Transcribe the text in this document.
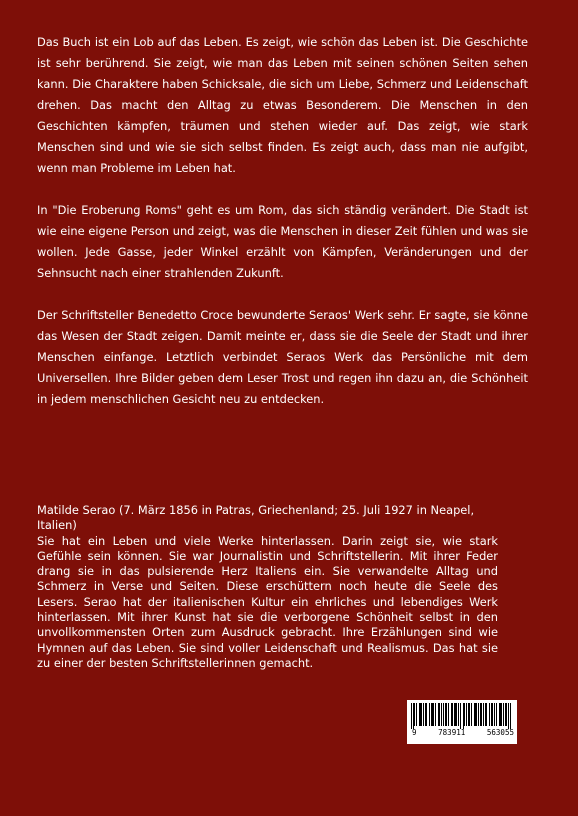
Das Buch ist ein Lob auf das Leben. Es zeigt, wie schön das Leben ist. Die Geschichte ist sehr berührend. Sie zeigt, wie man das Leben mit seinen schönen Seiten sehen kann. Die Charaktere haben Schicksale, die sich um Liebe, Schmerz und Leidenschaft drehen. Das macht den Alltag zu etwas Besonderem. Die Menschen in den Geschichten kämpfen, träumen und stehen wieder auf. Das zeigt, wie stark Menschen sind und wie sie sich selbst finden. Es zeigt auch, dass man nie aufgibt, wenn man Probleme im Leben hat.

In "Die Eroberung Roms" geht es um Rom, das sich ständig verändert. Die Stadt ist wie eine eigene Person und zeigt, was die Menschen in dieser Zeit fühlen und was sie wollen. Jede Gasse, jeder Winkel erzählt von Kämpfen, Veränderungen und der Sehnsucht nach einer strahlenden Zukunft.

Der Schriftsteller Benedetto Croce bewunderte Seraos' Werk sehr. Er sagte, sie könne das Wesen der Stadt zeigen. Damit meinte er, dass sie die Seele der Stadt und ihrer Menschen einfange. Letztlich verbindet Seraos Werk das Persönliche mit dem Universellen. Ihre Bilder geben dem Leser Trost und regen ihn dazu an, die Schönheit in jedem menschlichen Gesicht neu zu entdecken.

Matilde Serao (7. März 1856 in Patras, Griechenland; 25. Juli 1927 in Neapel, Italien)
Sie hat ein Leben und viele Werke hinterlassen. Darin zeigt sie, wie stark Gefühle sein können. Sie war Journalistin und Schriftstellerin. Mit ihrer Feder drang sie in das pulsierende Herz Italiens ein. Sie verwandelte Alltag und Schmerz in Verse und Seiten. Diese erschüttern noch heute die Seele des Lesers. Serao hat der italienischen Kultur ein ehrliches und lebendiges Werk hinterlassen. Mit ihrer Kunst hat sie die verborgene Schönheit selbst in den unvollkommensten Orten zum Ausdruck gebracht. Ihre Erzählungen sind wie Hymnen auf das Leben. Sie sind voller Leidenschaft und Realismus. Das hat sie zu einer der besten Schriftstellerinnen gemacht.
9	783911	563055
